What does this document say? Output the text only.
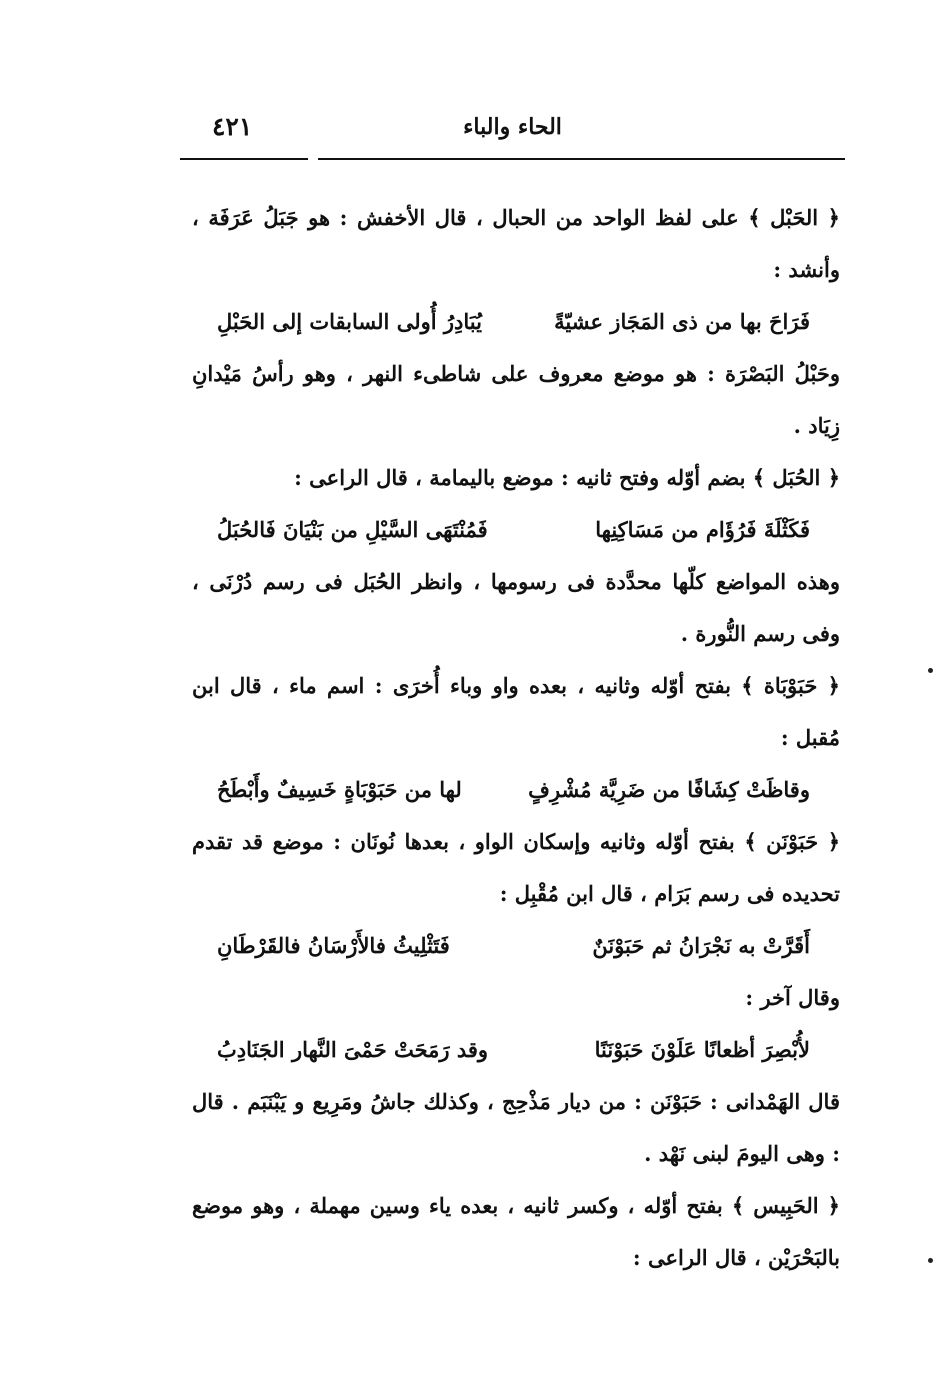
٤٢١	الحاء والباء

﴿ الحَبْل ﴾ على لفظ الواحد من الحبال ، قال الأخفش : هو جَبَلُ عَرَفَة ، وأنشد :

فَرَاحَ بها من ذى المَجَاز عشيّةً
يُبَادِرُ أُولى السابقات إلى الحَبْلِ

وحَبْلُ البَصْرَة : هو موضع معروف على شاطىء النهر ، وهو رأسُ مَيْدانِ زِيَاد .

﴿ الحُبَل ﴾ بضم أوّله وفتح ثانيه : موضع باليمامة ، قال الراعى :

فَكَثْلَةَ فَرُؤَام من مَسَاكِنِها
فَمُنْتَهَى السَّيْلِ من بَنْيَانَ فَالحُبَلُ

وهذه المواضع كلّها محدَّدة فى رسومها ، وانظر الحُبَل فى رسم دُرْنَى ، وفى رسم النُّورة .

﴿ حَبَوْبَاة ﴾ بفتح أوّله وثانيه ، بعده واو وباء أُخرَى : اسم ماء ، قال ابن مُقبل :

وقاظَتْ كِشَافًا من ضَرِيَّة مُشْرِفٍ
لها من حَبَوْبَاةٍ خَسِيفٌ وأَبْطَحُ

﴿ حَبَوْنَن ﴾ بفتح أوّله وثانيه وإسكان الواو ، بعدها نُونَان : موضع قد تقدم تحديده فى رسم بَرَام ، قال ابن مُقْبِل :

أَقَرَّتْ به نَجْرَانُ ثم حَبَوْنَنٌ
فَتَثْلِيثُ فالأَرْسَانُ فالقَرْطَانِ

وقال آخر :

لأُبْصِرَ أظعانًا عَلَوْنَ حَبَوْنَنًا
وقد رَمَحَتْ حَمْىَ النَّهار الجَنَادِبُ

قال الهَمْدانى : حَبَوْنَن : من ديار مَذْحِج ، وكذلك جاشُ ومَرِيع و يَبْنَبَم . قال : وهى اليومَ لبنى نَهْد .

﴿ الحَبِيس ﴾ بفتح أوّله ، وكسر ثانيه ، بعده ياء وسين مهملة ، وهو موضع بالبَحْرَيْن ، قال الراعى :
